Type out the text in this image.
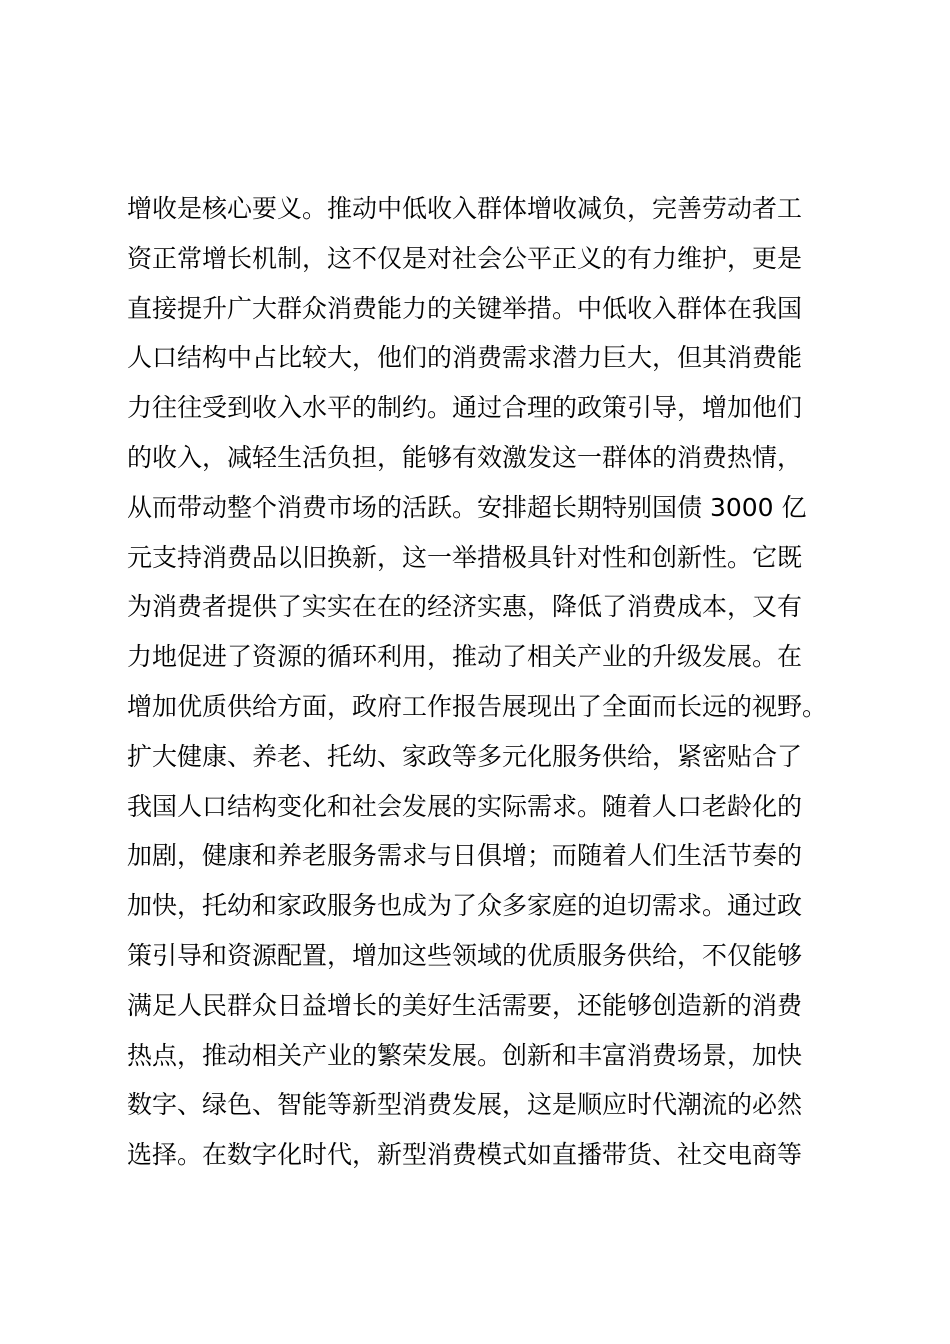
增收是核心要义。推动中低收入群体增收减负，完善劳动者工
资正常增长机制，这不仅是对社会公平正义的有力维护，更是
直接提升广大群众消费能力的关键举措。中低收入群体在我国
人口结构中占比较大，他们的消费需求潜力巨大，但其消费能
力往往受到收入水平的制约。通过合理的政策引导，增加他们
的收入，减轻生活负担，能够有效激发这一群体的消费热情，
从而带动整个消费市场的活跃。安排超长期特别国债 3000 亿
元支持消费品以旧换新，这一举措极具针对性和创新性。它既
为消费者提供了实实在在的经济实惠，降低了消费成本，又有
力地促进了资源的循环利用，推动了相关产业的升级发展。在
增加优质供给方面，政府工作报告展现出了全面而长远的视野。
扩大健康、养老、托幼、家政等多元化服务供给，紧密贴合了
我国人口结构变化和社会发展的实际需求。随着人口老龄化的
加剧，健康和养老服务需求与日俱增；而随着人们生活节奏的
加快，托幼和家政服务也成为了众多家庭的迫切需求。通过政
策引导和资源配置，增加这些领域的优质服务供给，不仅能够
满足人民群众日益增长的美好生活需要，还能够创造新的消费
热点，推动相关产业的繁荣发展。创新和丰富消费场景，加快
数字、绿色、智能等新型消费发展，这是顺应时代潮流的必然
选择。在数字化时代，新型消费模式如直播带货、社交电商等
